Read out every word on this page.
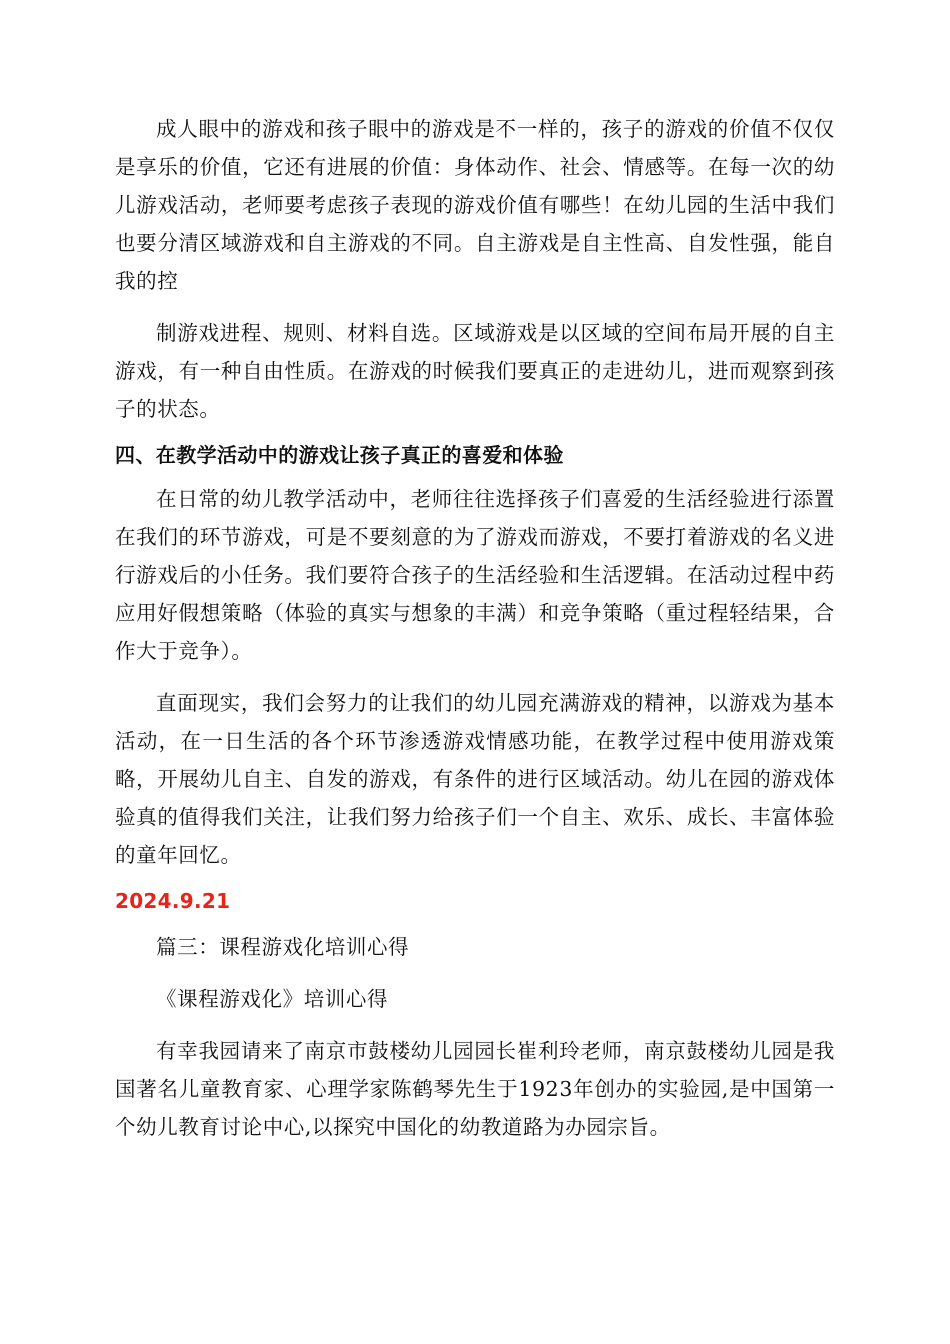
成人眼中的游戏和孩子眼中的游戏是不一样的，孩子的游戏的价值不仅仅是享乐的价值，它还有进展的价值：身体动作、社会、情感等。在每一次的幼儿游戏活动，老师要考虑孩子表现的游戏价值有哪些！在幼儿园的生活中我们也要分清区域游戏和自主游戏的不同。自主游戏是自主性高、自发性强，能自我的控

制游戏进程、规则、材料自选。区域游戏是以区域的空间布局开展的自主游戏，有一种自由性质。在游戏的时候我们要真正的走进幼儿，进而观察到孩子的状态。

四、在教学活动中的游戏让孩子真正的喜爱和体验

在日常的幼儿教学活动中，老师往往选择孩子们喜爱的生活经验进行添置在我们的环节游戏，可是不要刻意的为了游戏而游戏，不要打着游戏的名义进行游戏后的小任务。我们要符合孩子的生活经验和生活逻辑。在活动过程中药应用好假想策略（体验的真实与想象的丰满）和竞争策略（重过程轻结果，合作大于竞争）。

直面现实，我们会努力的让我们的幼儿园充满游戏的精神，以游戏为基本活动，在一日生活的各个环节渗透游戏情感功能，在教学过程中使用游戏策略，开展幼儿自主、自发的游戏，有条件的进行区域活动。幼儿在园的游戏体验真的值得我们关注，让我们努力给孩子们一个自主、欢乐、成长、丰富体验的童年回忆。

2024.9.21

篇三：课程游戏化培训心得

《课程游戏化》培训心得

有幸我园请来了南京市鼓楼幼儿园园长崔利玲老师，南京鼓楼幼儿园是我国著名儿童教育家、心理学家陈鹤琴先生于1923年创办的实验园,是中国第一个幼儿教育讨论中心,以探究中国化的幼教道路为办园宗旨。
